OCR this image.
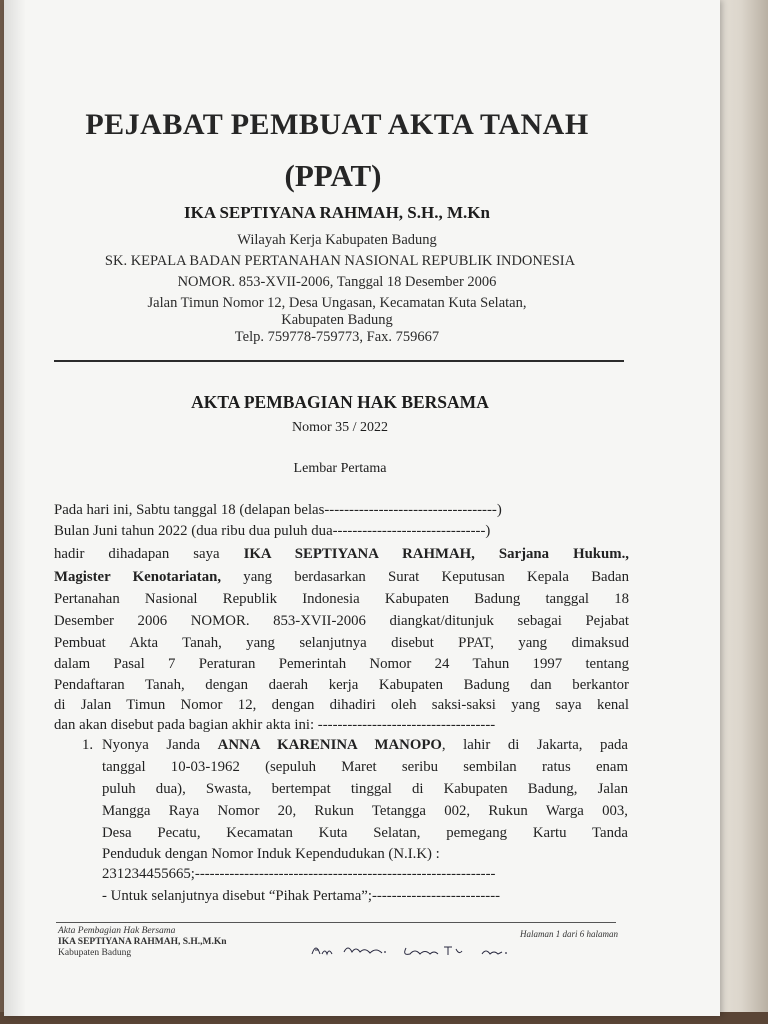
PEJABAT PEMBUAT AKTA TANAH
(PPAT)
IKA SEPTIYANA RAHMAH, S.H., M.Kn
Wilayah Kerja Kabupaten Badung
SK. KEPALA BADAN PERTANAHAN NASIONAL REPUBLIK INDONESIA
NOMOR. 853-XVII-2006, Tanggal 18 Desember 2006
Jalan Timun Nomor 12, Desa Ungasan, Kecamatan Kuta Selatan,
Kabupaten Badung
Telp. 759778-759773, Fax. 759667
AKTA PEMBAGIAN HAK BERSAMA
Nomor 35 / 2022
Lembar Pertama
Pada hari ini, Sabtu tanggal 18 (delapan belas-----------------------------------)
Bulan Juni tahun 2022 (dua ribu dua puluh dua-------------------------------)
hadir dihadapan saya IKA SEPTIYANA RAHMAH, Sarjana Hukum.,
Magister Kenotariatan, yang berdasarkan Surat Keputusan Kepala Badan
Pertanahan Nasional Republik Indonesia Kabupaten Badung tanggal 18
Desember 2006 NOMOR. 853-XVII-2006 diangkat/ditunjuk sebagai Pejabat
Pembuat Akta Tanah, yang selanjutnya disebut PPAT, yang dimaksud
dalam Pasal 7 Peraturan Pemerintah Nomor 24 Tahun 1997 tentang
Pendaftaran Tanah, dengan daerah kerja Kabupaten Badung dan berkantor
di Jalan Timun Nomor 12, dengan dihadiri oleh saksi-saksi yang saya kenal
dan akan disebut pada bagian akhir akta ini: ------------------------------------
1. Nyonya Janda ANNA KARENINA MANOPO, lahir di Jakarta, pada
tanggal 10-03-1962 (sepuluh Maret seribu sembilan ratus enam
puluh dua), Swasta, bertempat tinggal di Kabupaten Badung, Jalan
Mangga Raya Nomor 20, Rukun Tetangga 002, Rukun Warga 003,
Desa Pecatu, Kecamatan Kuta Selatan, pemegang Kartu Tanda
Penduduk dengan Nomor Induk Kependudukan (N.I.K) :
231234455665;-------------------------------------------------------------
- Untuk selanjutnya disebut “Pihak Pertama”;--------------------------
Akta Pembagian Hak Bersama
IKA SEPTIYANA RAHMAH, S.H.,M.Kn
Kabupaten Badung
Halaman 1 dari 6 halaman
